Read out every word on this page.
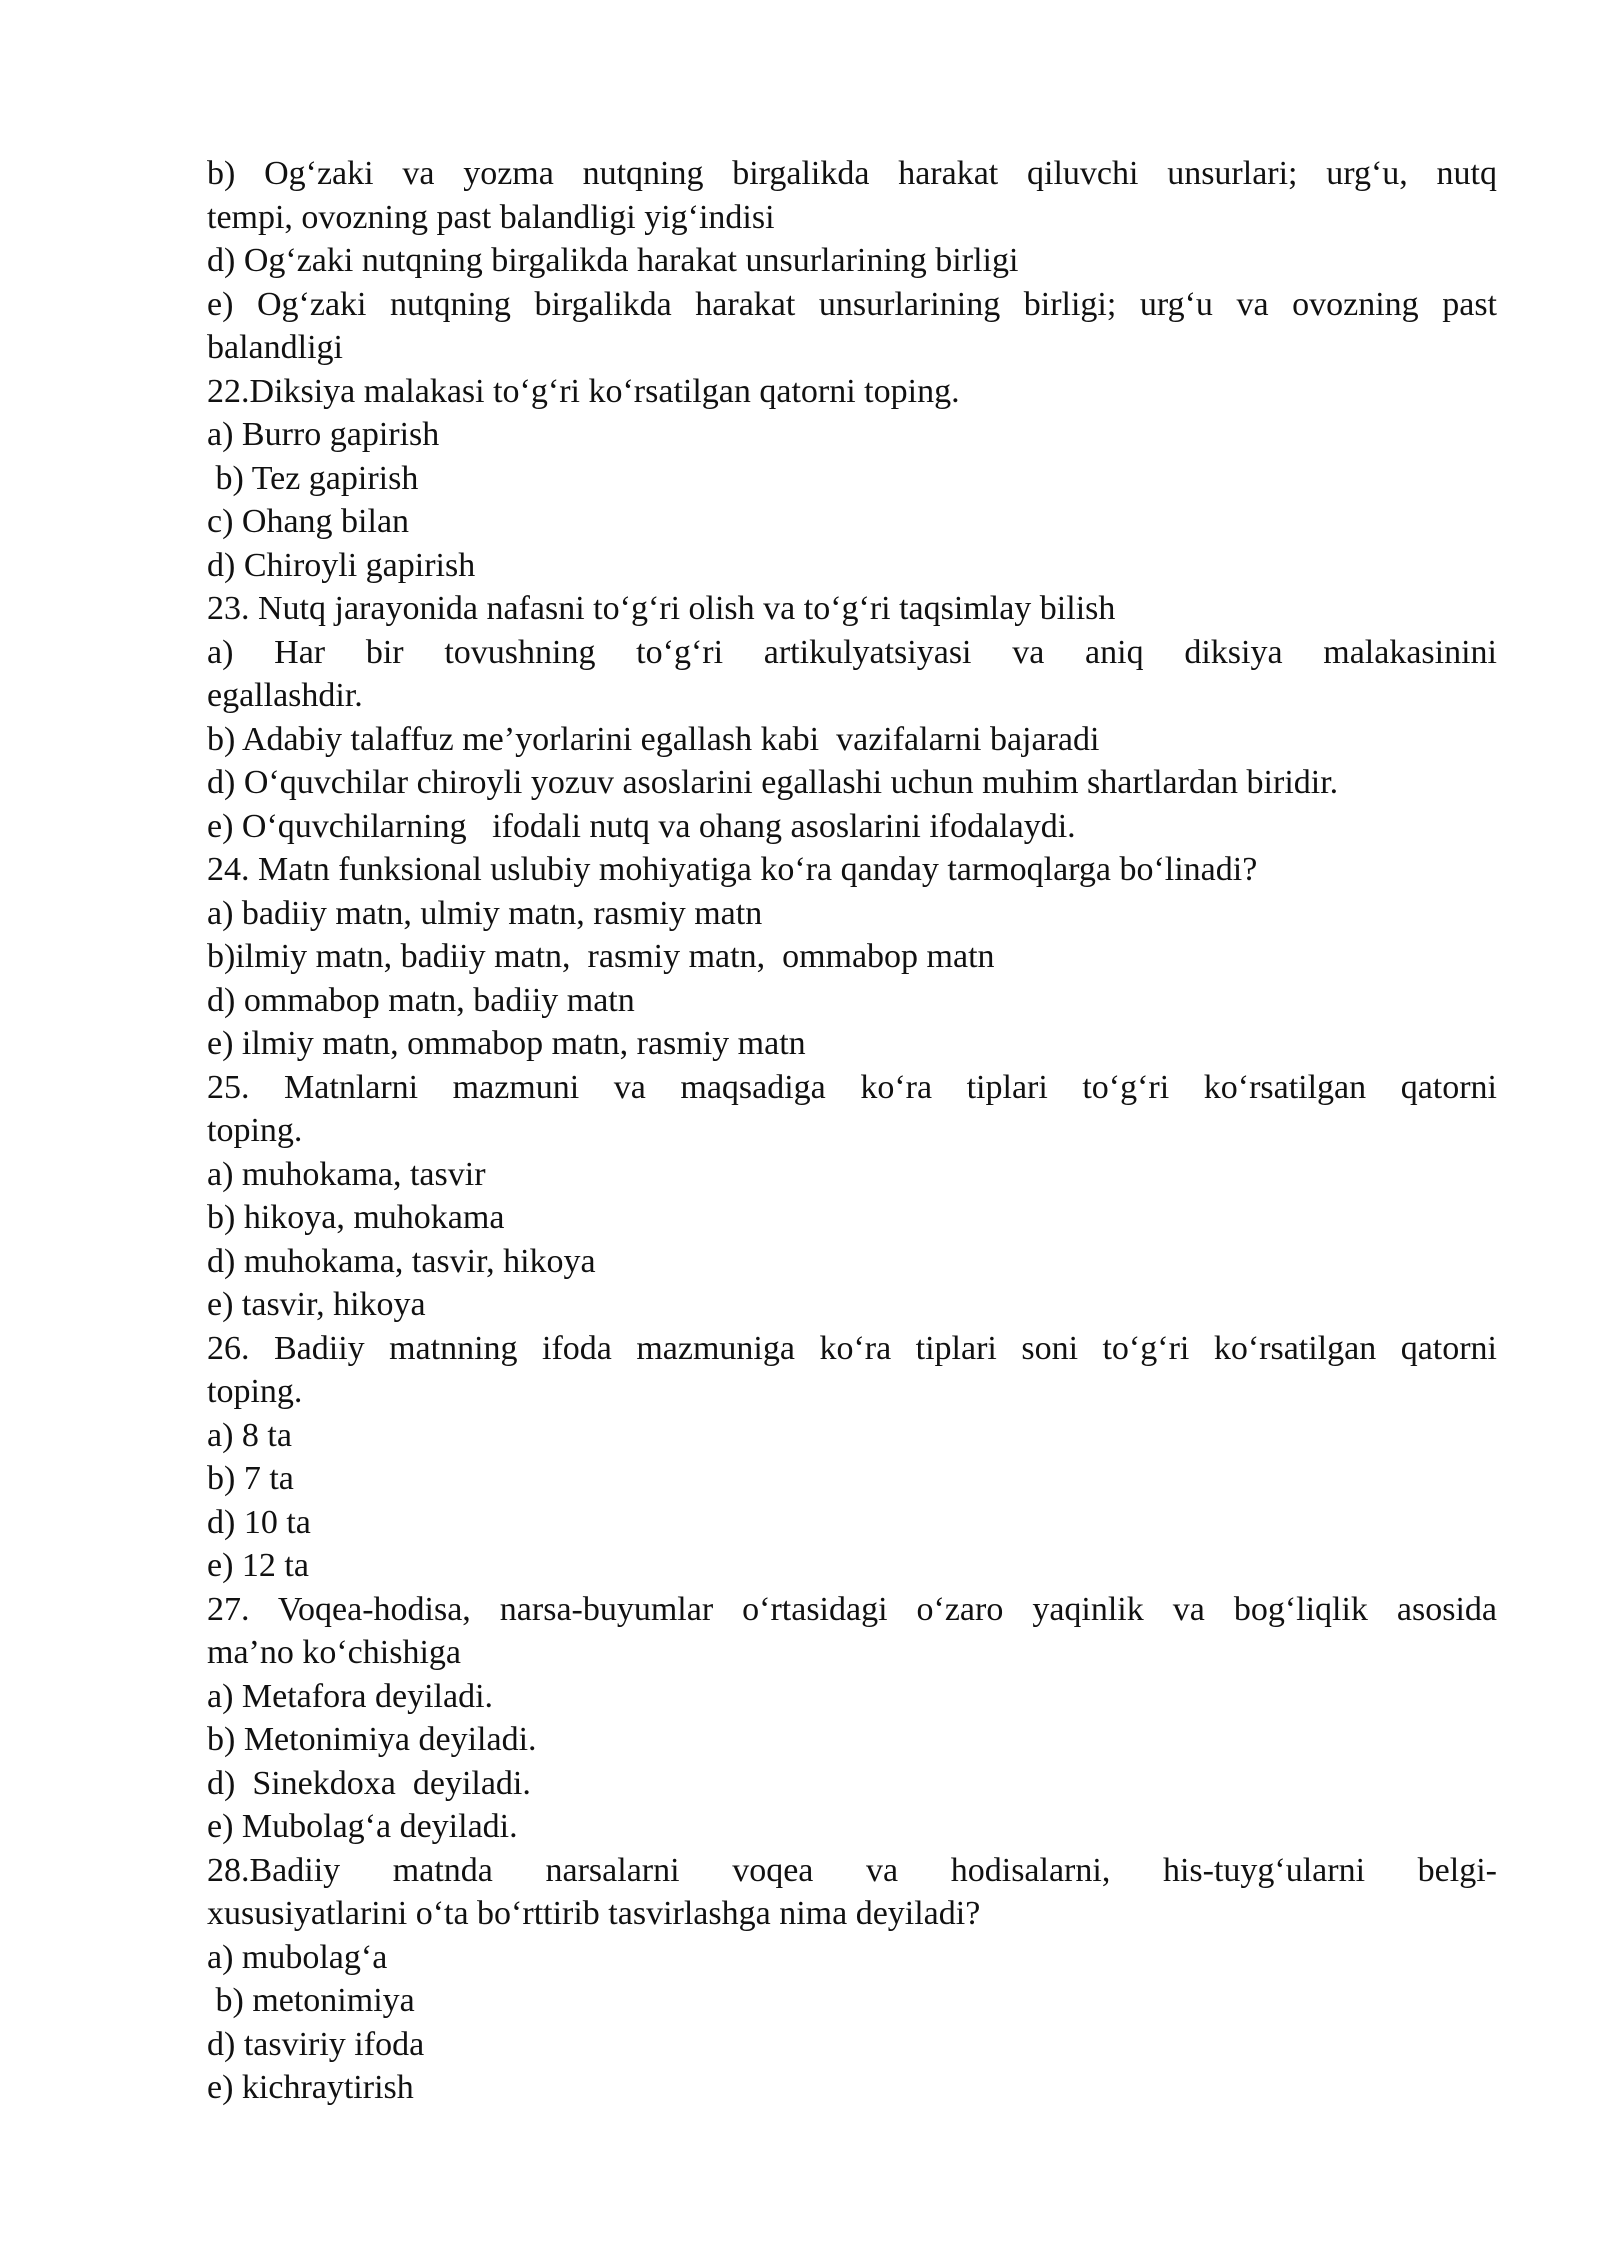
b) Og‘zaki va yozma nutqning birgalikda harakat qiluvchi unsurlari; urg‘u, nutq
tempi, ovozning past balandligi yig‘indisi
d) Og‘zaki nutqning birgalikda harakat unsurlarining birligi
e) Og‘zaki nutqning birgalikda harakat unsurlarining birligi; urg‘u va ovozning past
balandligi
22.Diksiya malakasi to‘g‘ri ko‘rsatilgan qatorni toping.
a) Burro gapirish
b) Tez gapirish
c) Ohang bilan
d) Chiroyli gapirish
23. Nutq jarayonida nafasni to‘g‘ri olish va to‘g‘ri taqsimlay bilish
a) Har bir tovushning to‘g‘ri artikulyatsiyasi va aniq diksiya malakasinini
egallashdir.
b) Adabiy talaffuz me’yorlarini egallash kabi  vazifalarni bajaradi
d) O‘quvchilar chiroyli yozuv asoslarini egallashi uchun muhim shartlardan biridir.
e) O‘quvchilarning   ifodali nutq va ohang asoslarini ifodalaydi.
24. Matn funksional uslubiy mohiyatiga ko‘ra qanday tarmoqlarga bo‘linadi?
a) badiiy matn, ulmiy matn, rasmiy matn
b)ilmiy matn, badiiy matn,  rasmiy matn,  ommabop matn
d) ommabop matn, badiiy matn
e) ilmiy matn, ommabop matn, rasmiy matn
25. Matnlarni mazmuni va maqsadiga ko‘ra tiplari to‘g‘ri ko‘rsatilgan qatorni
toping.
a) muhokama, tasvir
b) hikoya, muhokama
d) muhokama, tasvir, hikoya
e) tasvir, hikoya
26. Badiiy matnning ifoda mazmuniga ko‘ra tiplari soni to‘g‘ri ko‘rsatilgan qatorni
toping.
a) 8 ta
b) 7 ta
d) 10 ta
e) 12 ta
27. Voqea-hodisa, narsa-buyumlar o‘rtasidagi o‘zaro yaqinlik va bog‘liqlik asosida
ma’no ko‘chishiga
a) Metafora deyiladi.
b) Metonimiya deyiladi.
d)  Sinekdoxa  deyiladi.
e) Mubolag‘a deyiladi.
28.Badiiy matnda narsalarni voqea va hodisalarni, his-tuyg‘ularni belgi-
xususiyatlarini o‘ta bo‘rttirib tasvirlashga nima deyiladi?
a) mubolag‘a
b) metonimiya
d) tasviriy ifoda
e) kichraytirish
